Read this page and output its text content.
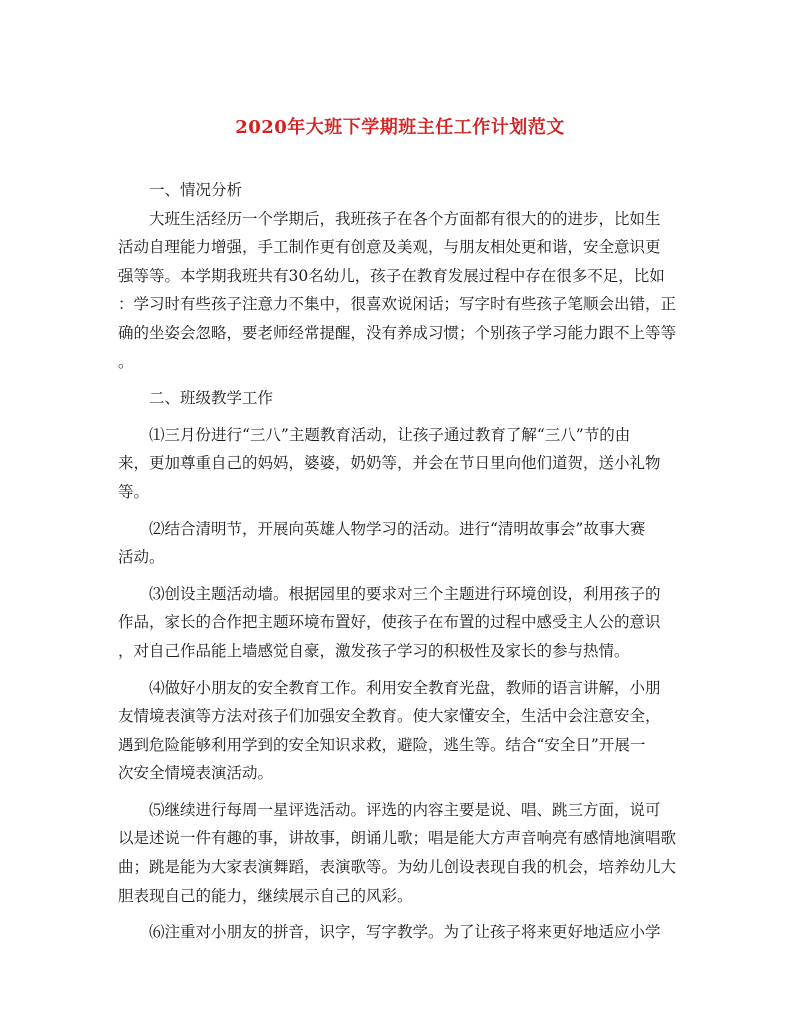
2020年大班下学期班主任工作计划范文
一、情况分析
大班生活经历一个学期后，我班孩子在各个方面都有很大的的进步，比如生
活动自理能力增强，手工制作更有创意及美观，与朋友相处更和谐，安全意识更
强等等。本学期我班共有30名幼儿，孩子在教育发展过程中存在很多不足，比如
：学习时有些孩子注意力不集中，很喜欢说闲话；写字时有些孩子笔顺会出错，正
确的坐姿会忽略，要老师经常提醒，没有养成习惯；个别孩子学习能力跟不上等等
。
二、班级教学工作
⑴三月份进行“三八”主题教育活动，让孩子通过教育了解“三八”节的由
来，更加尊重自己的妈妈，婆婆，奶奶等，并会在节日里向他们道贺，送小礼物
等。
⑵结合清明节，开展向英雄人物学习的活动。进行“清明故事会”故事大赛
活动。
⑶创设主题活动墙。根据园里的要求对三个主题进行环境创设，利用孩子的
作品，家长的合作把主题环境布置好，使孩子在布置的过程中感受主人公的意识
，对自己作品能上墙感觉自豪，激发孩子学习的积极性及家长的参与热情。
⑷做好小朋友的安全教育工作。利用安全教育光盘，教师的语言讲解，小朋
友情境表演等方法对孩子们加强安全教育。使大家懂安全，生活中会注意安全，
遇到危险能够利用学到的安全知识求救，避险，逃生等。结合“安全日”开展一
次安全情境表演活动。
⑸继续进行每周一星评选活动。评选的内容主要是说、唱、跳三方面，说可
以是述说一件有趣的事，讲故事，朗诵儿歌；唱是能大方声音响亮有感情地演唱歌
曲；跳是能为大家表演舞蹈，表演歌等。为幼儿创设表现自我的机会，培养幼儿大
胆表现自己的能力，继续展示自己的风彩。
⑹注重对小朋友的拼音，识字，写字教学。为了让孩子将来更好地适应小学
